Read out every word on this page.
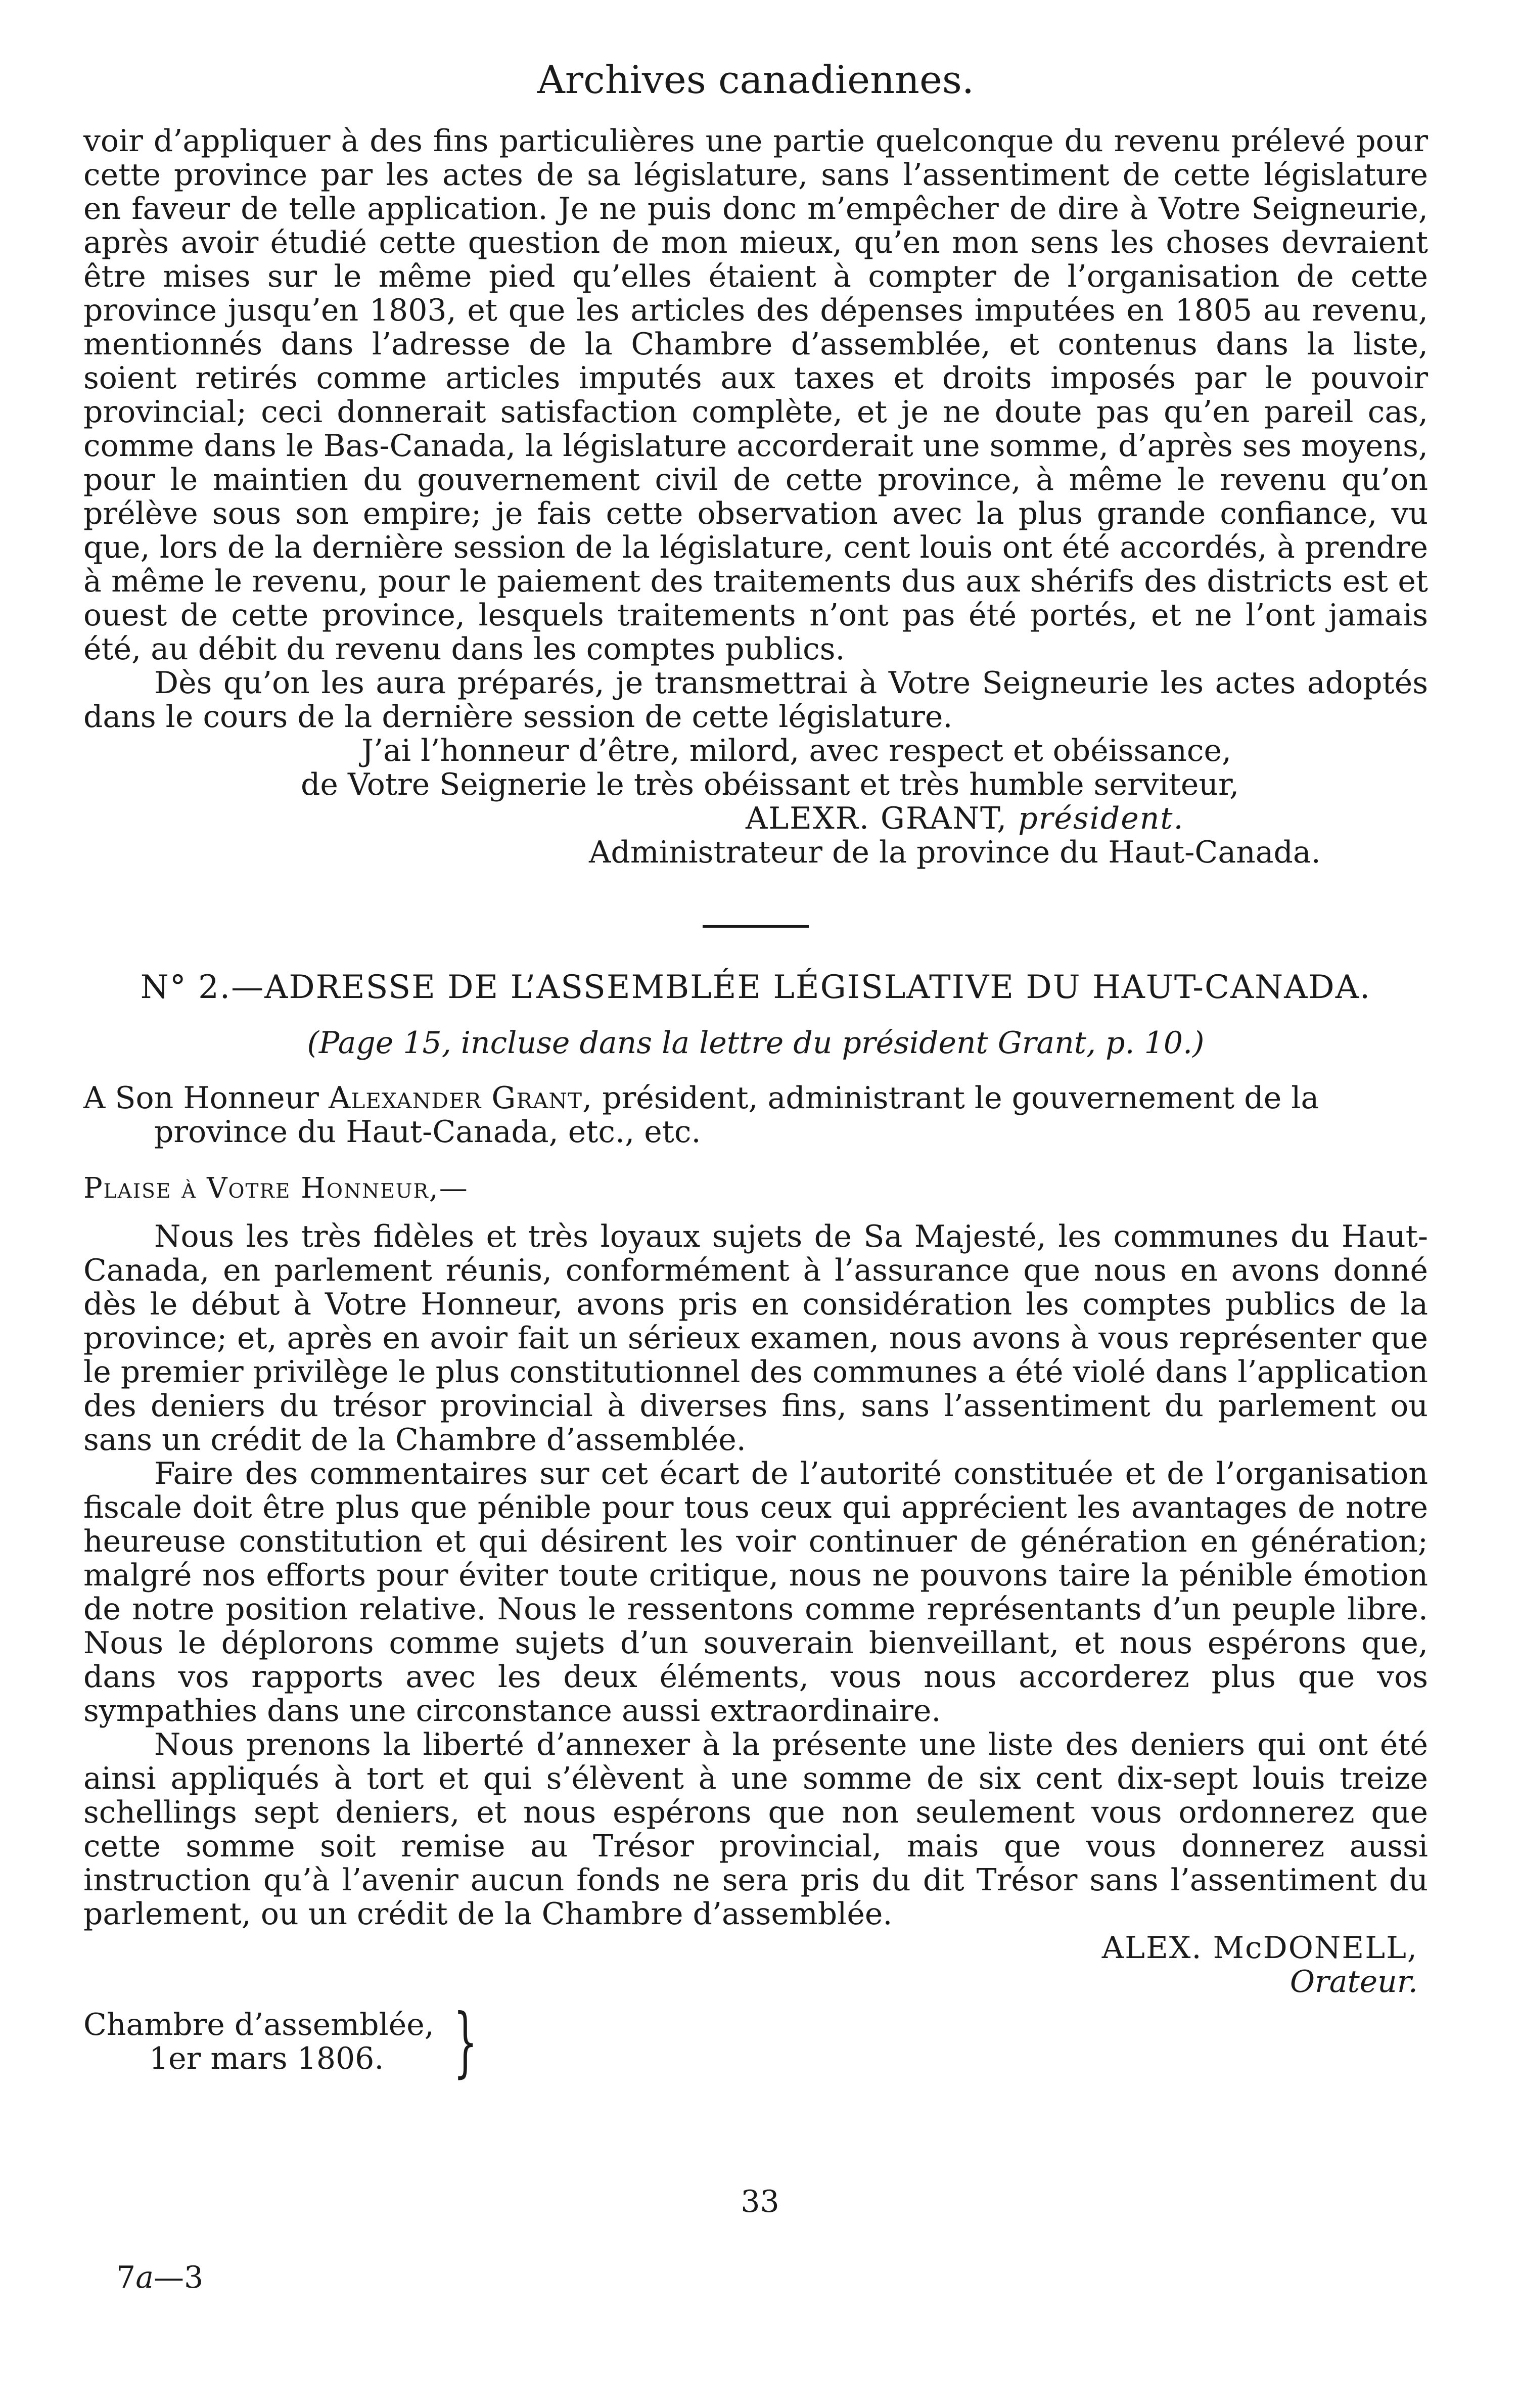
Archives canadiennes.

voir d’appliquer à des fins particulières une partie quelconque du revenu prélevé pour cette province par les actes de sa législature, sans l’assentiment de cette législature en faveur de telle application. Je ne puis donc m’empêcher de dire à Votre Seigneurie, après avoir étudié cette question de mon mieux, qu’en mon sens les choses devraient être mises sur le même pied qu’elles étaient à compter de l’organisation de cette province jusqu’en 1803, et que les articles des dépenses imputées en 1805 au revenu, mentionnés dans l’adresse de la Chambre d’assemblée, et contenus dans la liste, soient retirés comme articles imputés aux taxes et droits imposés par le pouvoir provincial; ceci donnerait satisfaction complète, et je ne doute pas qu’en pareil cas, comme dans le Bas-Canada, la législature accorderait une somme, d’après ses moyens, pour le maintien du gouvernement civil de cette province, à même le revenu qu’on prélève sous son empire; je fais cette observation avec la plus grande confiance, vu que, lors de la dernière session de la législature, cent louis ont été accordés, à prendre à même le revenu, pour le paiement des traitements dus aux shérifs des districts est et ouest de cette province, lesquels traitements n’ont pas été portés, et ne l’ont jamais été, au débit du revenu dans les comptes publics.

Dès qu’on les aura préparés, je transmettrai à Votre Seigneurie les actes adoptés dans le cours de la dernière session de cette législature.

J’ai l’honneur d’être, milord, avec respect et obéissance,
de Votre Seignerie le très obéissant et très humble serviteur,
ALEXR. GRANT, président.
Administrateur de la province du Haut-Canada.
N° 2.—ADRESSE DE L’ASSEMBLÉE LÉGISLATIVE DU HAUT-CANADA.
(Page 15, incluse dans la lettre du président Grant, p. 10.)
A Son Honneur Alexander Grant, président, administrant le gouvernement de la province du Haut-Canada, etc., etc.
Plaise à Votre Honneur,—

Nous les très fidèles et très loyaux sujets de Sa Majesté, les communes du Haut-Canada, en parlement réunis, conformément à l’assurance que nous en avons donné dès le début à Votre Honneur, avons pris en considération les comptes publics de la province; et, après en avoir fait un sérieux examen, nous avons à vous représenter que le premier privilège le plus constitutionnel des communes a été violé dans l’application des deniers du trésor provincial à diverses fins, sans l’assentiment du parlement ou sans un crédit de la Chambre d’assemblée.

Faire des commentaires sur cet écart de l’autorité constituée et de l’organisation fiscale doit être plus que pénible pour tous ceux qui apprécient les avantages de notre heureuse constitution et qui désirent les voir continuer de génération en génération; malgré nos efforts pour éviter toute critique, nous ne pouvons taire la pénible émotion de notre position relative. Nous le ressentons comme représentants d’un peuple libre. Nous le déplorons comme sujets d’un souverain bienveillant, et nous espérons que, dans vos rapports avec les deux éléments, vous nous accorderez plus que vos sympathies dans une circonstance aussi extraordinaire.

Nous prenons la liberté d’annexer à la présente une liste des deniers qui ont été ainsi appliqués à tort et qui s’élèvent à une somme de six cent dix-sept louis treize schellings sept deniers, et nous espérons que non seulement vous ordonnerez que cette somme soit remise au Trésor provincial, mais que vous donnerez aussi instruction qu’à l’avenir aucun fonds ne sera pris du dit Trésor sans l’assentiment du parlement, ou un crédit de la Chambre d’assemblée.

ALEX. McDONELL,
Orateur.
Chambre d’assemblée,
1er mars 1806. }
33
7a—3
